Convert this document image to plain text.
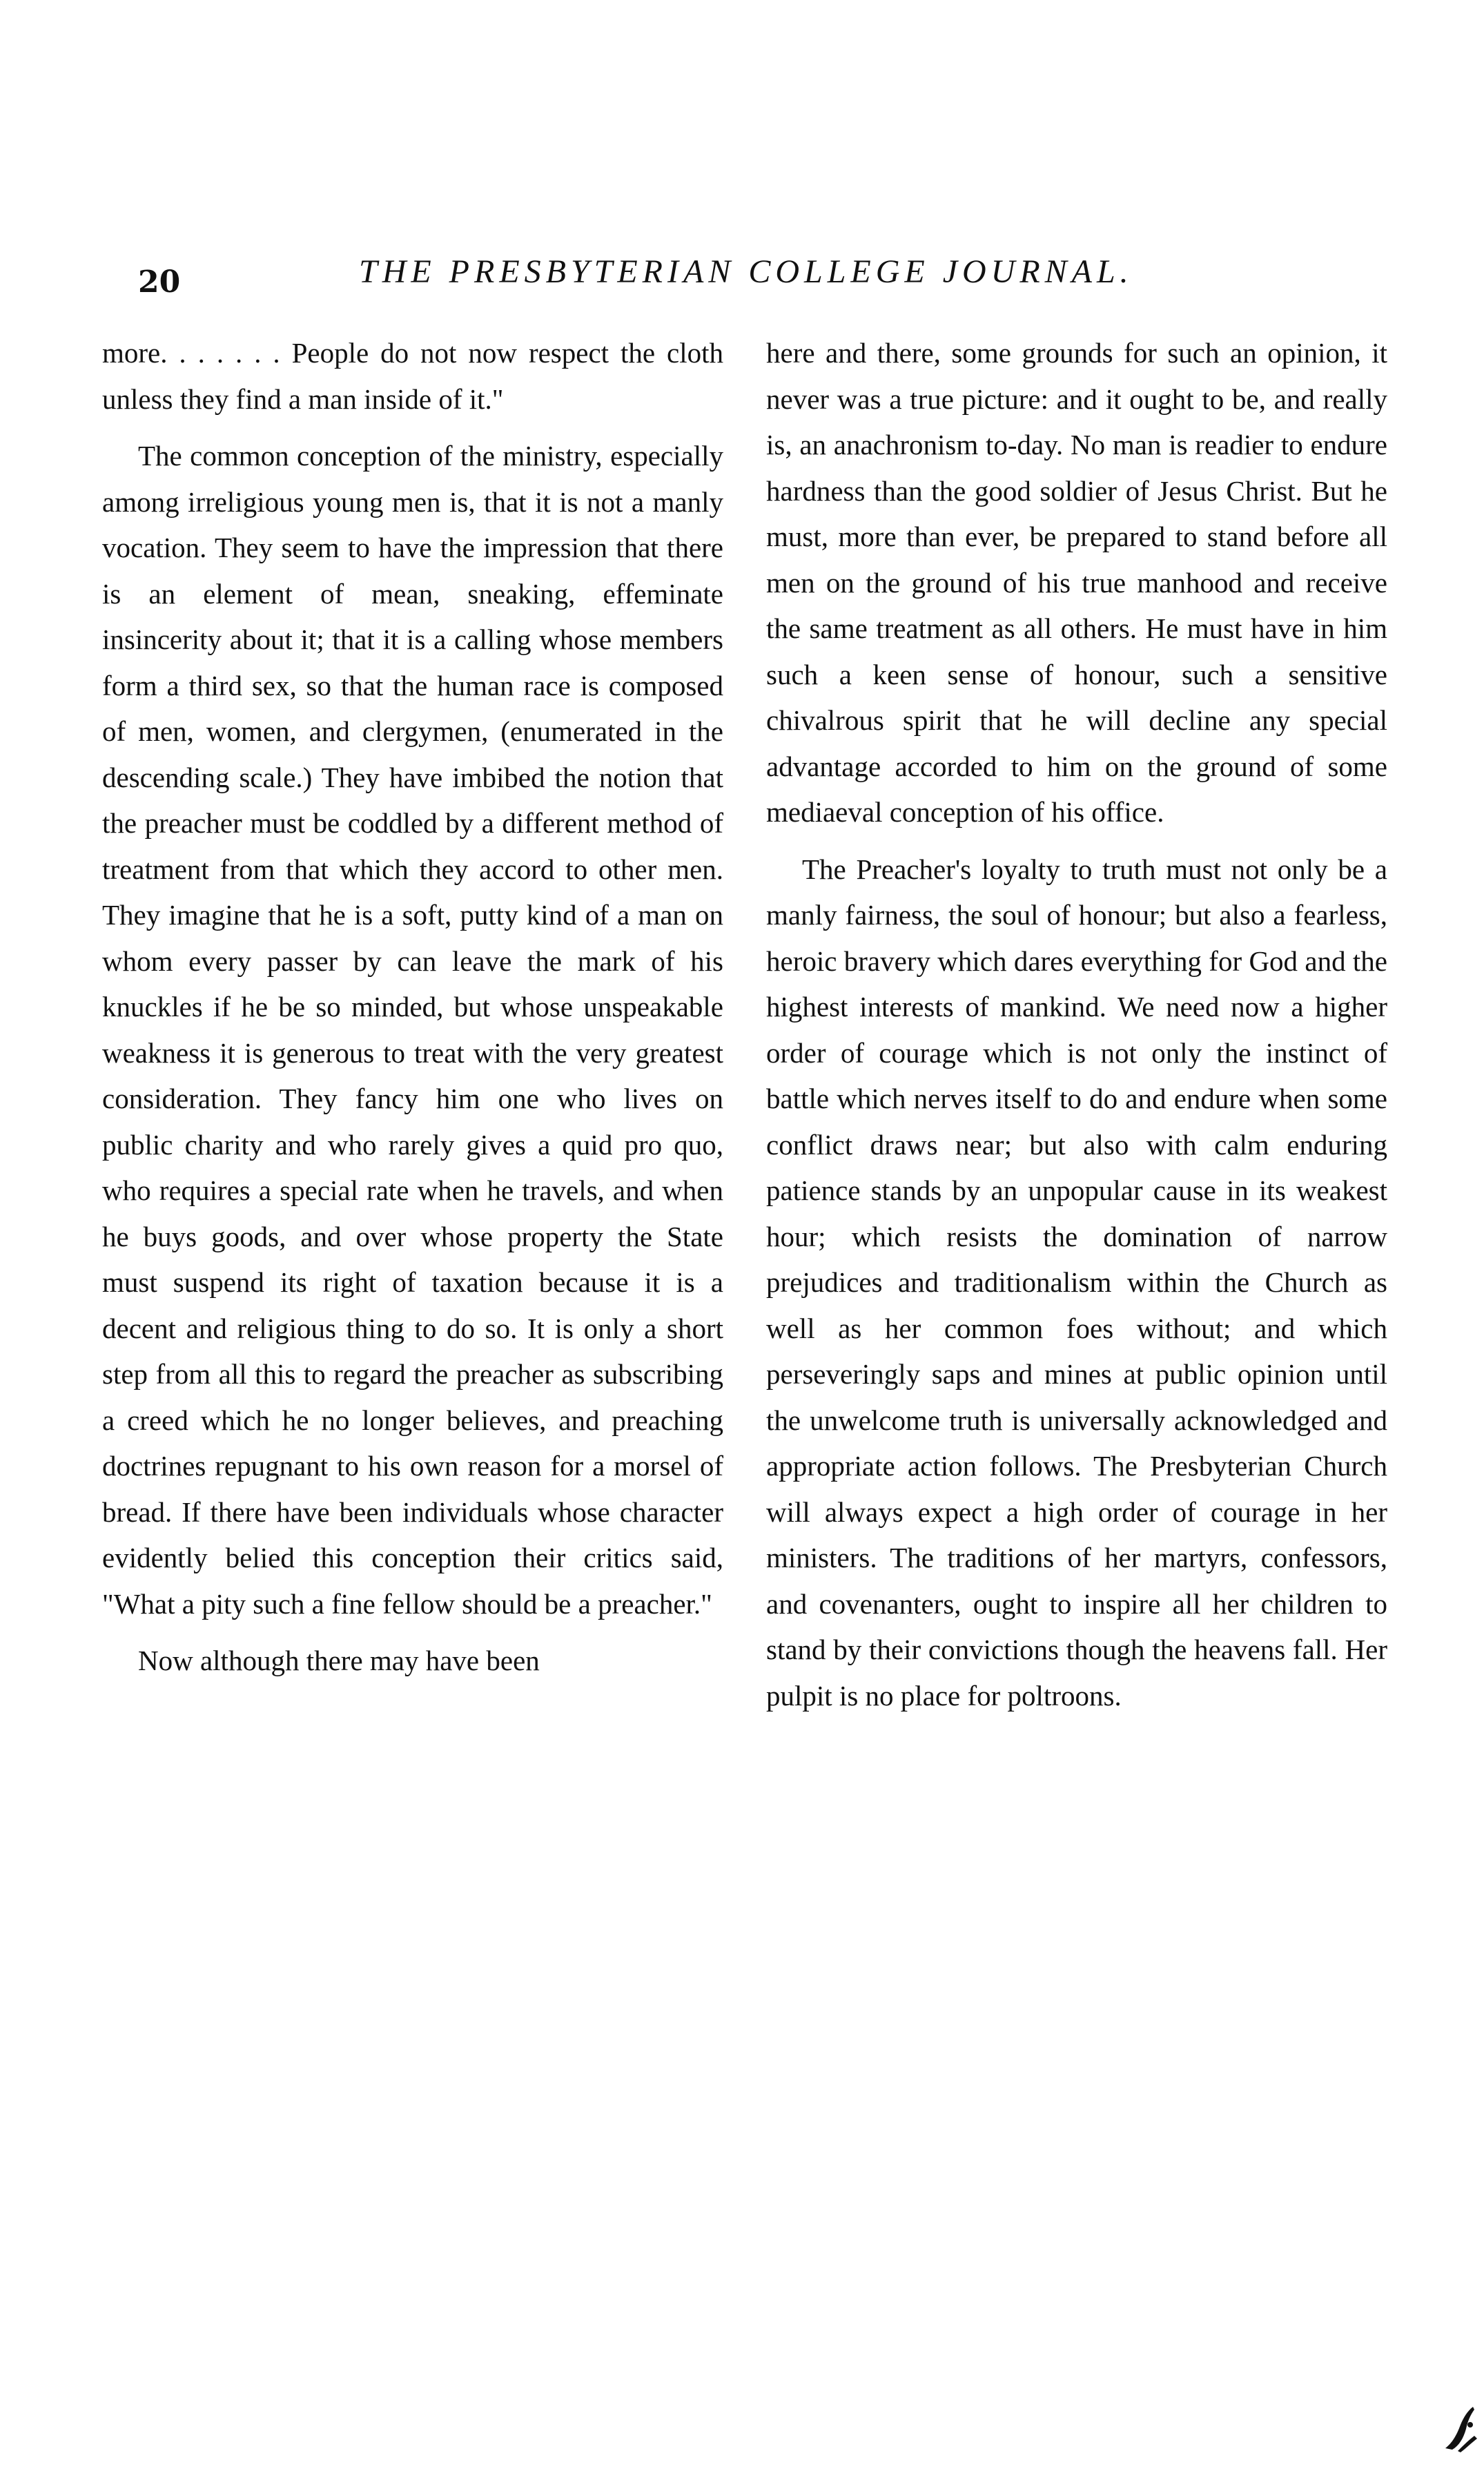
20	THE PRESBYTERIAN COLLEGE JOURNAL.

more. . . . . . . People do not now respect the cloth unless they find a man inside of it."

The common conception of the ministry, especially among irreligious young men is, that it is not a manly vocation. They seem to have the impression that there is an element of mean, sneaking, effeminate insincerity about it; that it is a calling whose members form a third sex, so that the human race is composed of men, women, and clergymen, (enumerated in the descending scale.) They have imbibed the notion that the preacher must be coddled by a different method of treatment from that which they accord to other men. They imagine that he is a soft, putty kind of a man on whom every passer by can leave the mark of his knuckles if he be so minded, but whose unspeakable weakness it is generous to treat with the very greatest consideration. They fancy him one who lives on public charity and who rarely gives a quid pro quo, who requires a special rate when he travels, and when he buys goods, and over whose property the State must suspend its right of taxation because it is a decent and religious thing to do so. It is only a short step from all this to regard the preacher as subscribing a creed which he no longer believes, and preaching doctrines repugnant to his own reason for a morsel of bread. If there have been individuals whose character evidently belied this conception their critics said, "What a pity such a fine fellow should be a preacher."

Now although there may have been

here and there, some grounds for such an opinion, it never was a true picture: and it ought to be, and really is, an anachronism to-day. No man is readier to endure hardness than the good soldier of Jesus Christ. But he must, more than ever, be prepared to stand before all men on the ground of his true manhood and receive the same treatment as all others. He must have in him such a keen sense of honour, such a sensitive chivalrous spirit that he will decline any special advantage accorded to him on the ground of some mediaeval conception of his office.

The Preacher's loyalty to truth must not only be a manly fairness, the soul of honour; but also a fearless, heroic bravery which dares everything for God and the highest interests of mankind. We need now a higher order of courage which is not only the instinct of battle which nerves itself to do and endure when some conflict draws near; but also with calm enduring patience stands by an unpopular cause in its weakest hour; which resists the domination of narrow prejudices and traditionalism within the Church as well as her common foes without; and which perseveringly saps and mines at public opinion until the unwelcome truth is universally acknowledged and appropriate action follows. The Presbyterian Church will always expect a high order of courage in her ministers. The traditions of her martyrs, confessors, and covenanters, ought to inspire all her children to stand by their convictions though the heavens fall. Her pulpit is no place for poltroons.
